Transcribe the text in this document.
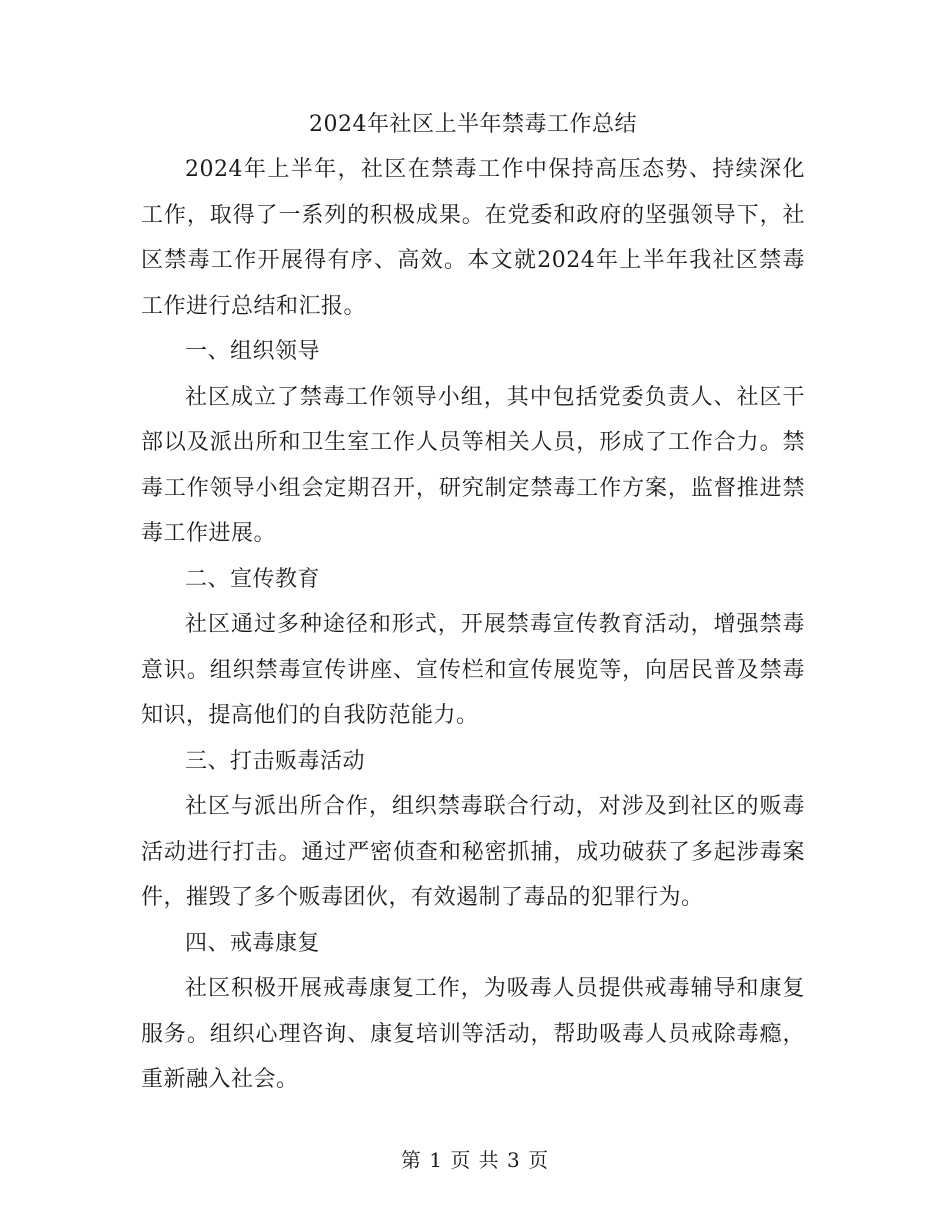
2024年社区上半年禁毒工作总结

2024年上半年，社区在禁毒工作中保持高压态势、持续深化工作，取得了一系列的积极成果。在党委和政府的坚强领导下，社区禁毒工作开展得有序、高效。本文就2024年上半年我社区禁毒工作进行总结和汇报。

一、组织领导

社区成立了禁毒工作领导小组，其中包括党委负责人、社区干部以及派出所和卫生室工作人员等相关人员，形成了工作合力。禁毒工作领导小组会定期召开，研究制定禁毒工作方案，监督推进禁毒工作进展。

二、宣传教育

社区通过多种途径和形式，开展禁毒宣传教育活动，增强禁毒意识。组织禁毒宣传讲座、宣传栏和宣传展览等，向居民普及禁毒知识，提高他们的自我防范能力。

三、打击贩毒活动

社区与派出所合作，组织禁毒联合行动，对涉及到社区的贩毒活动进行打击。通过严密侦查和秘密抓捕，成功破获了多起涉毒案件，摧毁了多个贩毒团伙，有效遏制了毒品的犯罪行为。

四、戒毒康复

社区积极开展戒毒康复工作，为吸毒人员提供戒毒辅导和康复服务。组织心理咨询、康复培训等活动，帮助吸毒人员戒除毒瘾，重新融入社会。

第 1 页 共 3 页
